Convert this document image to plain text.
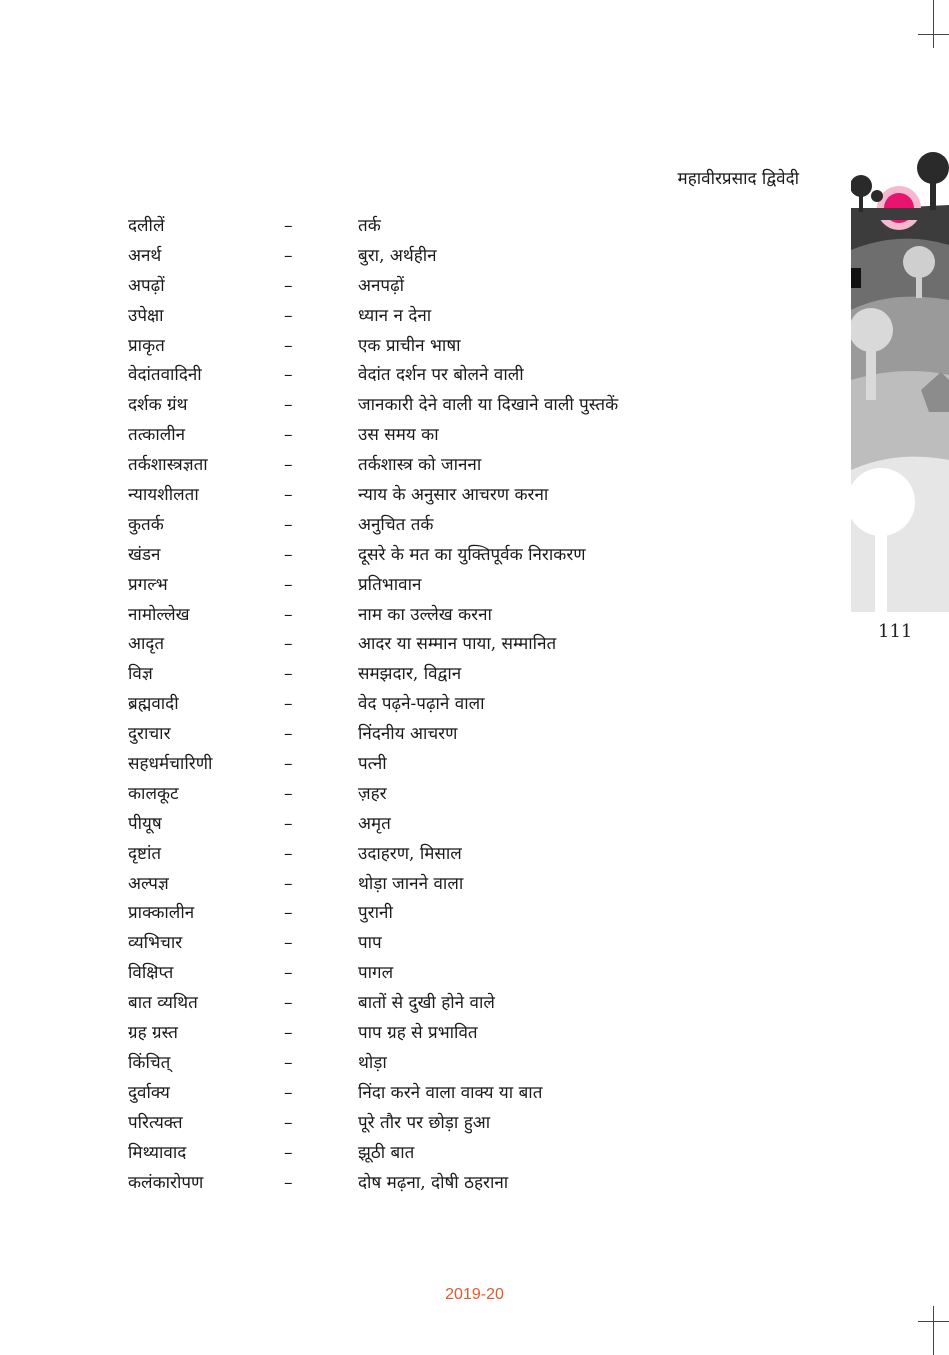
महावीरप्रसाद द्विवेदी
111
दलीलें	–	तर्क
अनर्थ	–	बुरा, अर्थहीन
अपढ़ों	–	अनपढ़ों
उपेक्षा	–	ध्यान न देना
प्राकृत	–	एक प्राचीन भाषा
वेदांतवादिनी	–	वेदांत दर्शन पर बोलने वाली
दर्शक ग्रंथ	–	जानकारी देने वाली या दिखाने वाली पुस्तकें
तत्कालीन	–	उस समय का
तर्कशास्त्रज्ञता	–	तर्कशास्त्र को जानना
न्यायशीलता	–	न्याय के अनुसार आचरण करना
कुतर्क	–	अनुचित तर्क
खंडन	–	दूसरे के मत का युक्तिपूर्वक निराकरण
प्रगल्भ	–	प्रतिभावान
नामोल्लेख	–	नाम का उल्लेख करना
आदृत	–	आदर या सम्मान पाया, सम्मानित
विज्ञ	–	समझदार, विद्वान
ब्रह्मवादी	–	वेद पढ़ने-पढ़ाने वाला
दुराचार	–	निंदनीय आचरण
सहधर्मचारिणी	–	पत्नी
कालकूट	–	ज़हर
पीयूष	–	अमृत
दृष्टांत	–	उदाहरण, मिसाल
अल्पज्ञ	–	थोड़ा जानने वाला
प्राक्कालीन	–	पुरानी
व्यभिचार	–	पाप
विक्षिप्त	–	पागल
बात व्यथित	–	बातों से दुखी होने वाले
ग्रह ग्रस्त	–	पाप ग्रह से प्रभावित
किंचित्	–	थोड़ा
दुर्वाक्य	–	निंदा करने वाला वाक्य या बात
परित्यक्त	–	पूरे तौर पर छोड़ा हुआ
मिथ्यावाद	–	झूठी बात
कलंकारोपण	–	दोष मढ़ना, दोषी ठहराना
2019-20
